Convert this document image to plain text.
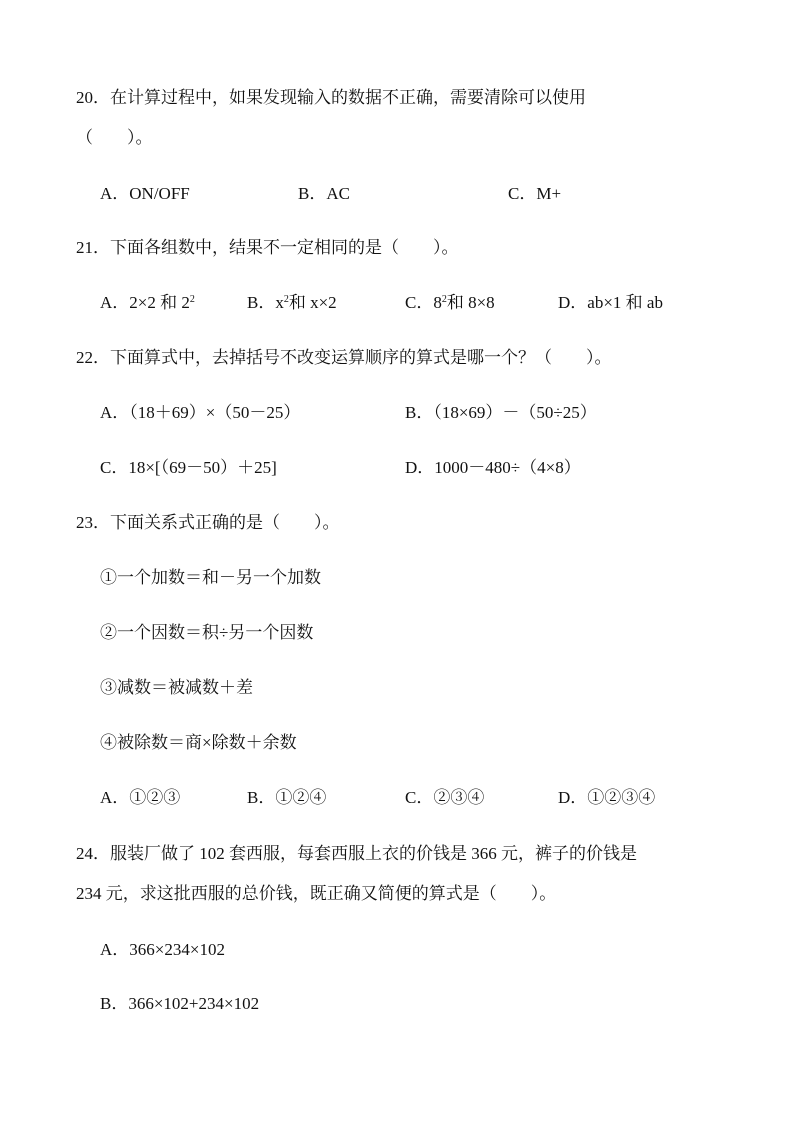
20．在计算过程中，如果发现输入的数据不正确，需要清除可以使用
（　　）。
A．ON/OFF	B．AC	C．M+
21．下面各组数中，结果不一定相同的是（　　）。
A．2×2 和 $2^2$	B．$x^2$和 x×2	C．$8^2$和 8×8	D．ab×1 和 ab
22．下面算式中，去掉括号不改变运算顺序的算式是哪一个？（　　）。
A．（18＋69）×（50－25）	B．（18×69）－（50÷25）
C．18×[（69－50）＋25]	D．1000－480÷（4×8）
23．下面关系式正确的是（　　）。
①一个加数＝和－另一个加数
②一个因数＝积÷另一个因数
③减数＝被减数＋差
④被除数＝商×除数＋余数
A．①②③	B．①②④	C．②③④	D．①②③④
24．服装厂做了 102 套西服，每套西服上衣的价钱是 366 元，裤子的价钱是
234 元，求这批西服的总价钱，既正确又简便的算式是（　　）。
A．366×234×102
B．366×102+234×102
